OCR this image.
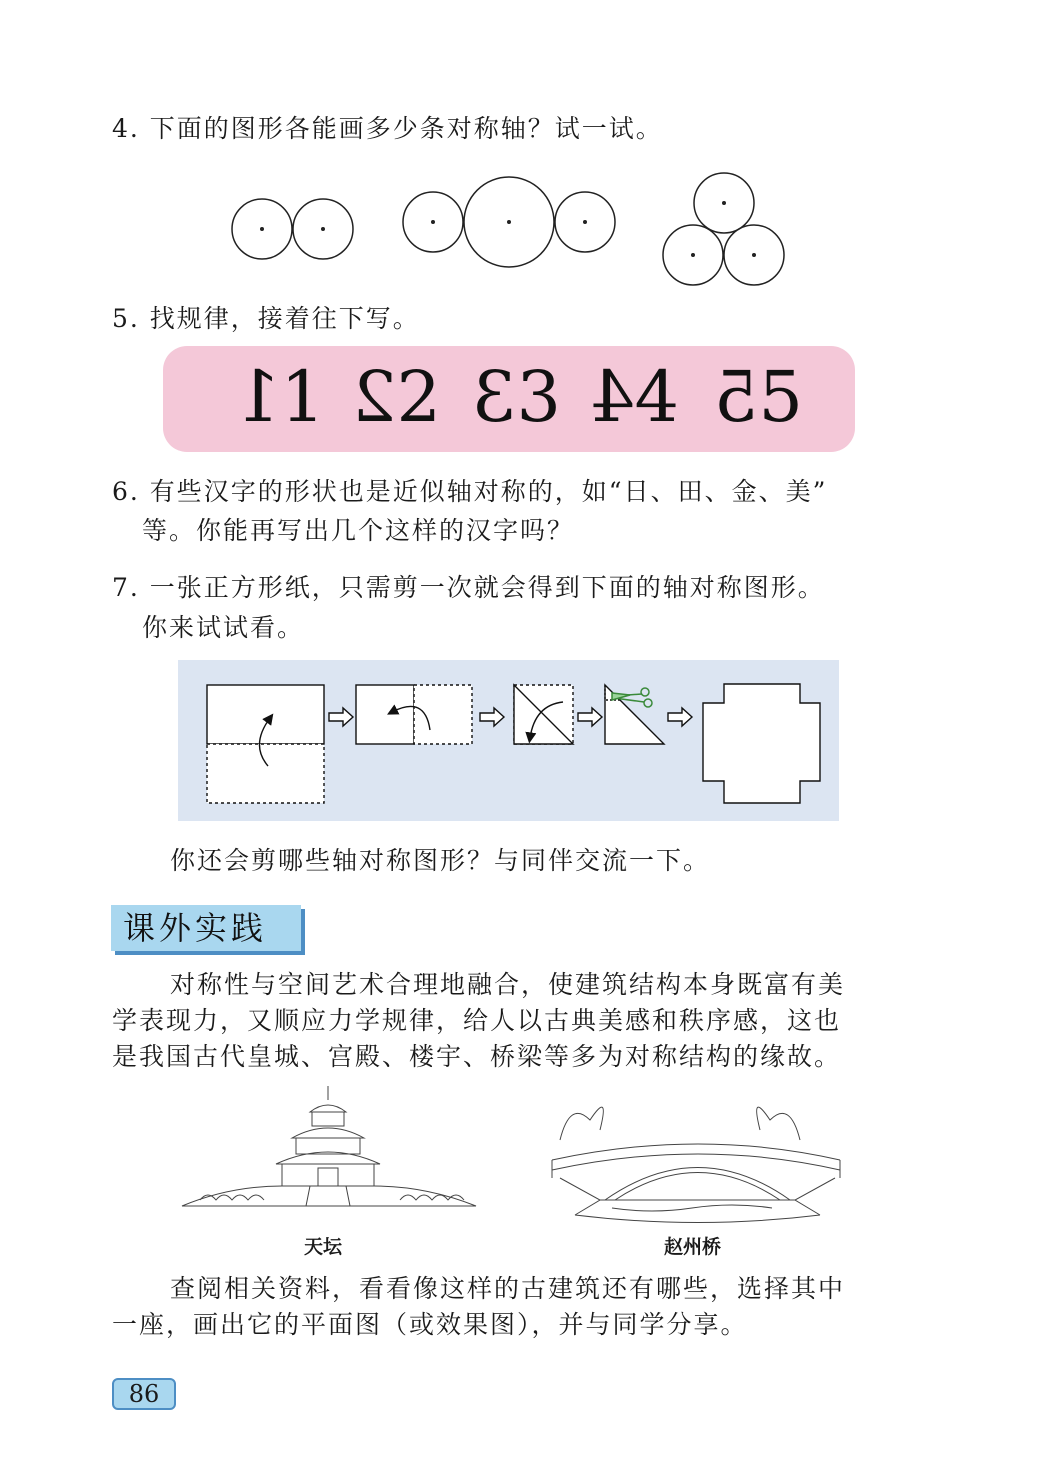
4. 下面的图形各能画多少条对称轴？试一试。
5. 找规律，接着往下写。
11 22 33 44 55
6. 有些汉字的形状也是近似轴对称的，如“日、田、金、美”
等。你能再写出几个这样的汉字吗？
7. 一张正方形纸，只需剪一次就会得到下面的轴对称图形。
你来试试看。
你还会剪哪些轴对称图形？与同伴交流一下。
课外实践
对称性与空间艺术合理地融合，使建筑结构本身既富有美
学表现力，又顺应力学规律，给人以古典美感和秩序感，这也
是我国古代皇城、宫殿、楼宇、桥梁等多为对称结构的缘故。
天坛	赵州桥
查阅相关资料，看看像这样的古建筑还有哪些，选择其中
一座，画出它的平面图（或效果图），并与同学分享。
86
